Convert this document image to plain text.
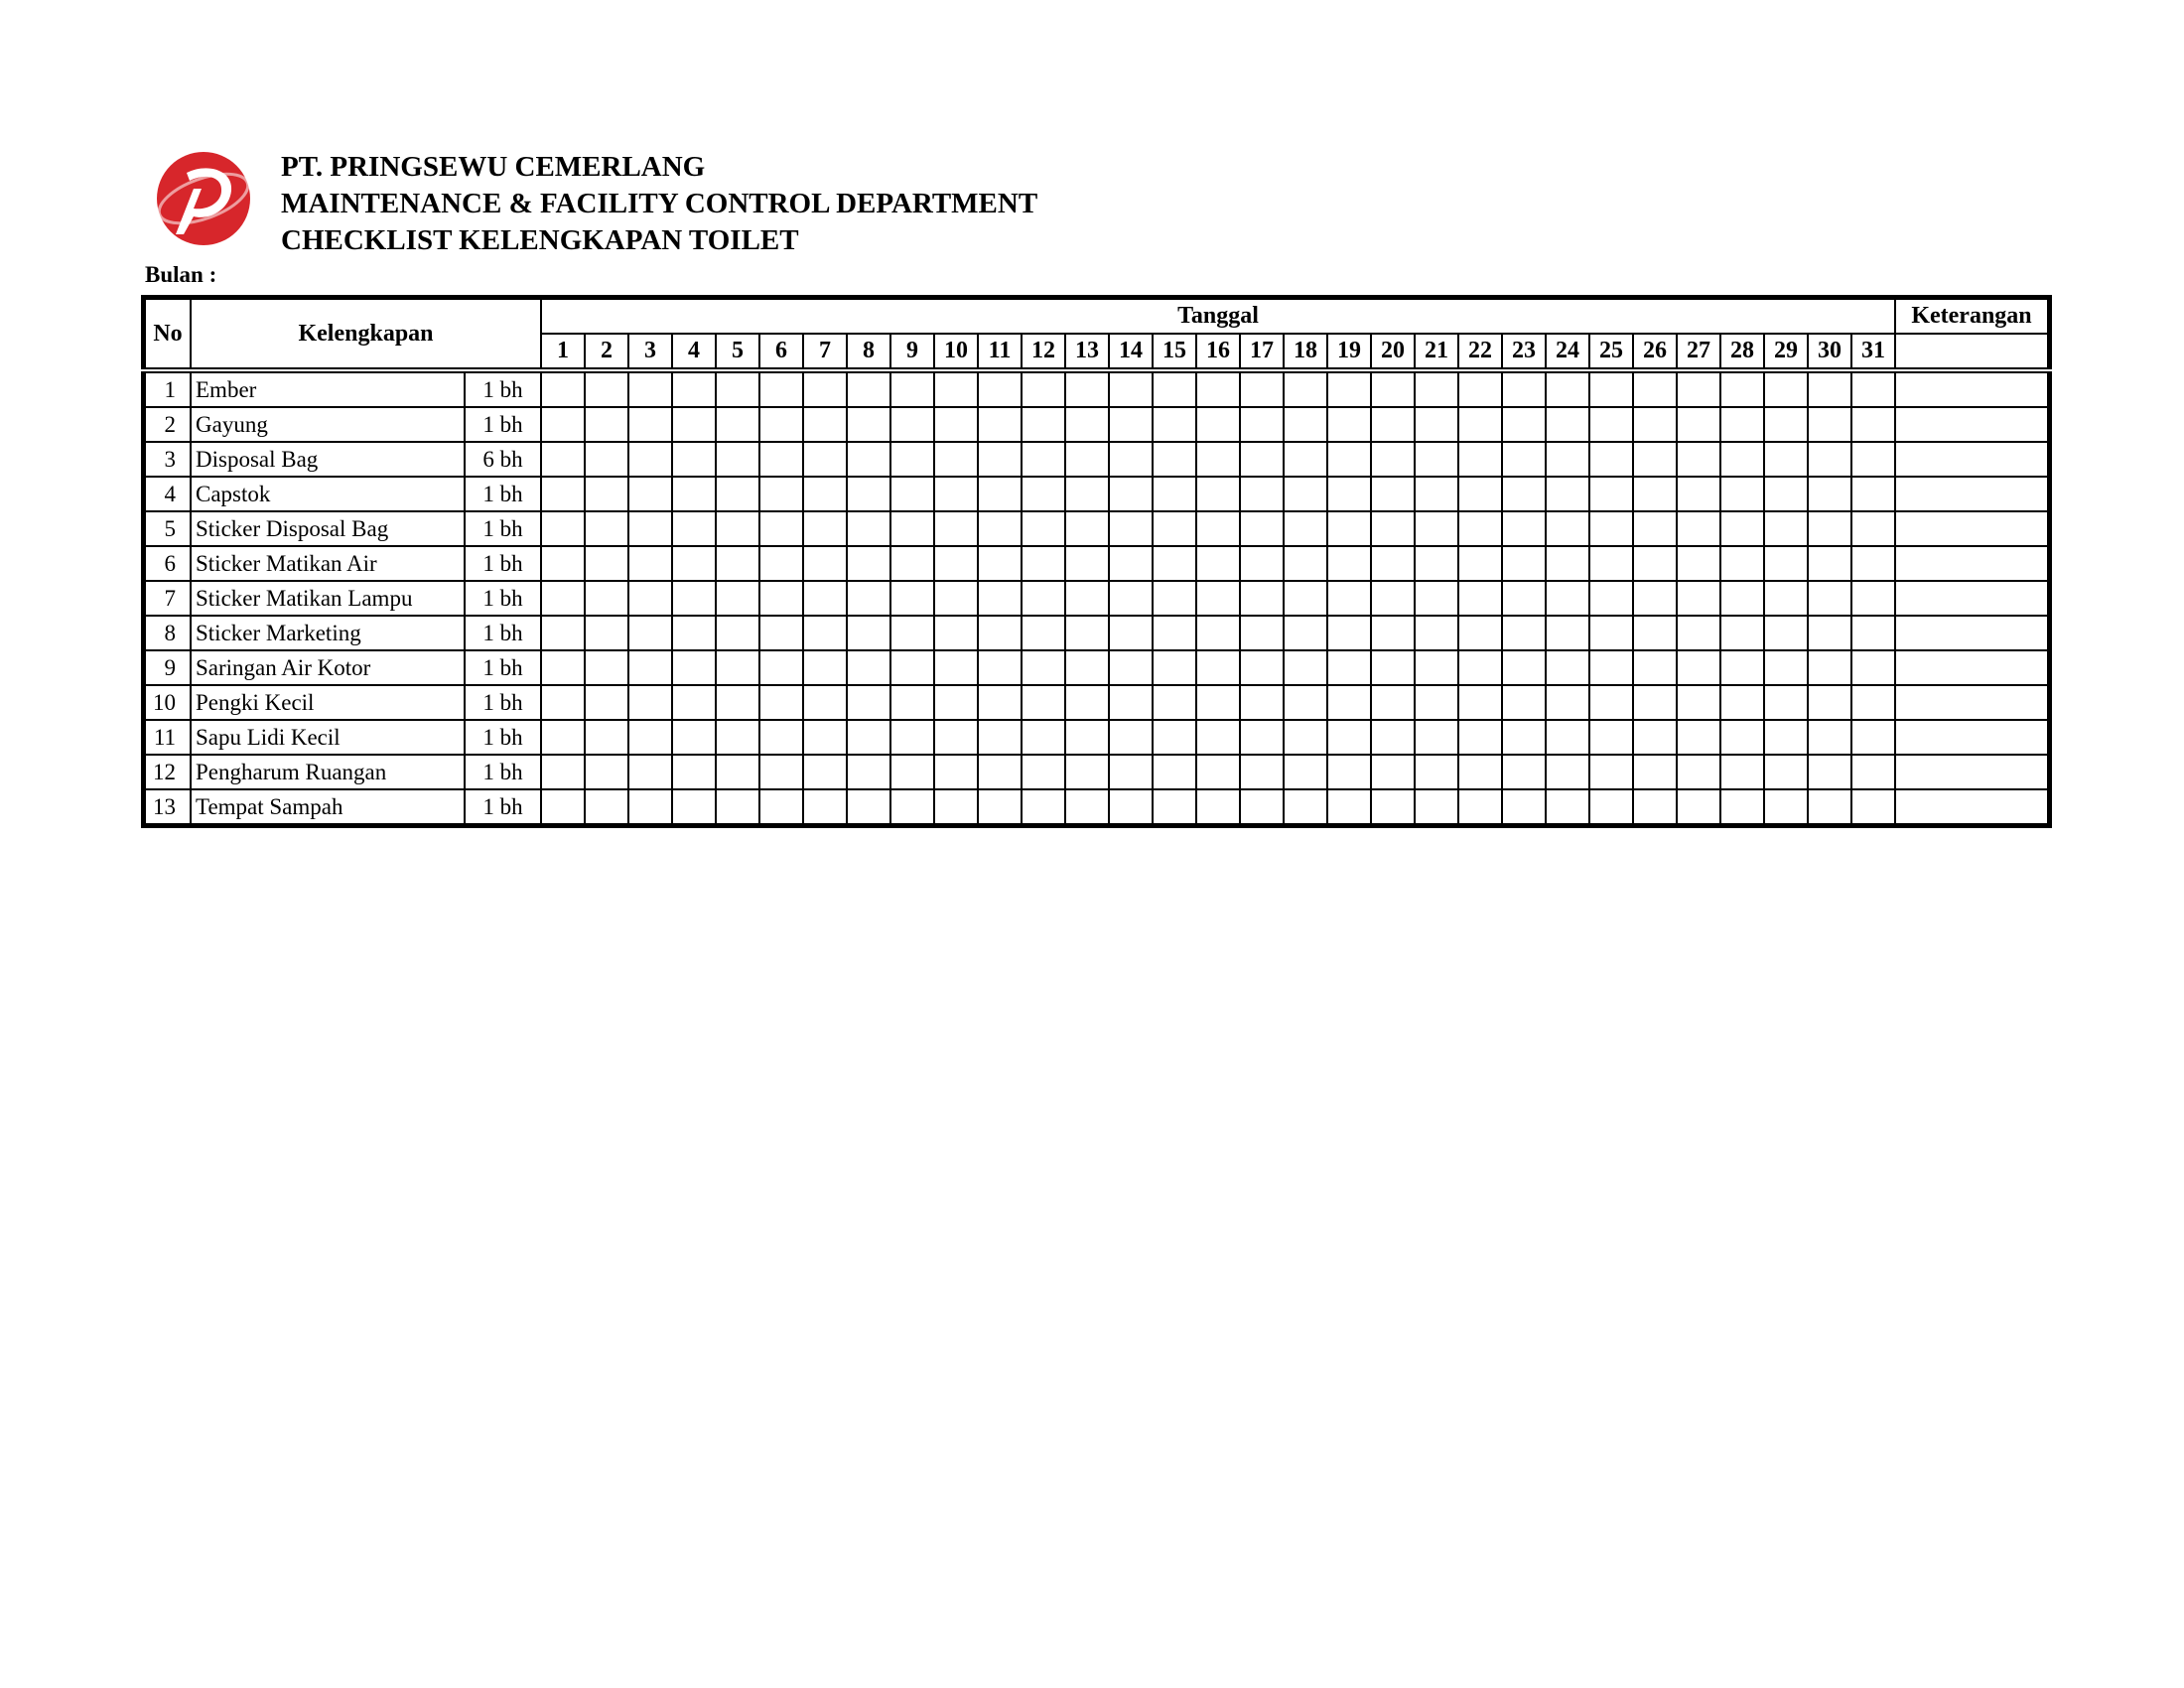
PT. PRINGSEWU CEMERLANG
MAINTENANCE & FACILITY CONTROL DEPARTMENT
CHECKLIST KELENGKAPAN TOILET
Bulan :
No	Kelengkapan		Tanggal																															Keterangan
			1	2	3	4	5	6	7	8	9	10	11	12	13	14	15	16	17	18	19	20	21	22	23	24	25	26	27	28	29	30	31	
1	Ember	1 bh																																
2	Gayung	1 bh																																
3	Disposal Bag	6 bh																																
4	Capstok	1 bh																																
5	Sticker Disposal Bag	1 bh																																
6	Sticker Matikan Air	1 bh																																
7	Sticker Matikan Lampu	1 bh																																
8	Sticker Marketing	1 bh																																
9	Saringan Air Kotor	1 bh																																
10	Pengki Kecil	1 bh																																
11	Sapu Lidi Kecil	1 bh																																
12	Pengharum Ruangan	1 bh																																
13	Tempat Sampah	1 bh																																
